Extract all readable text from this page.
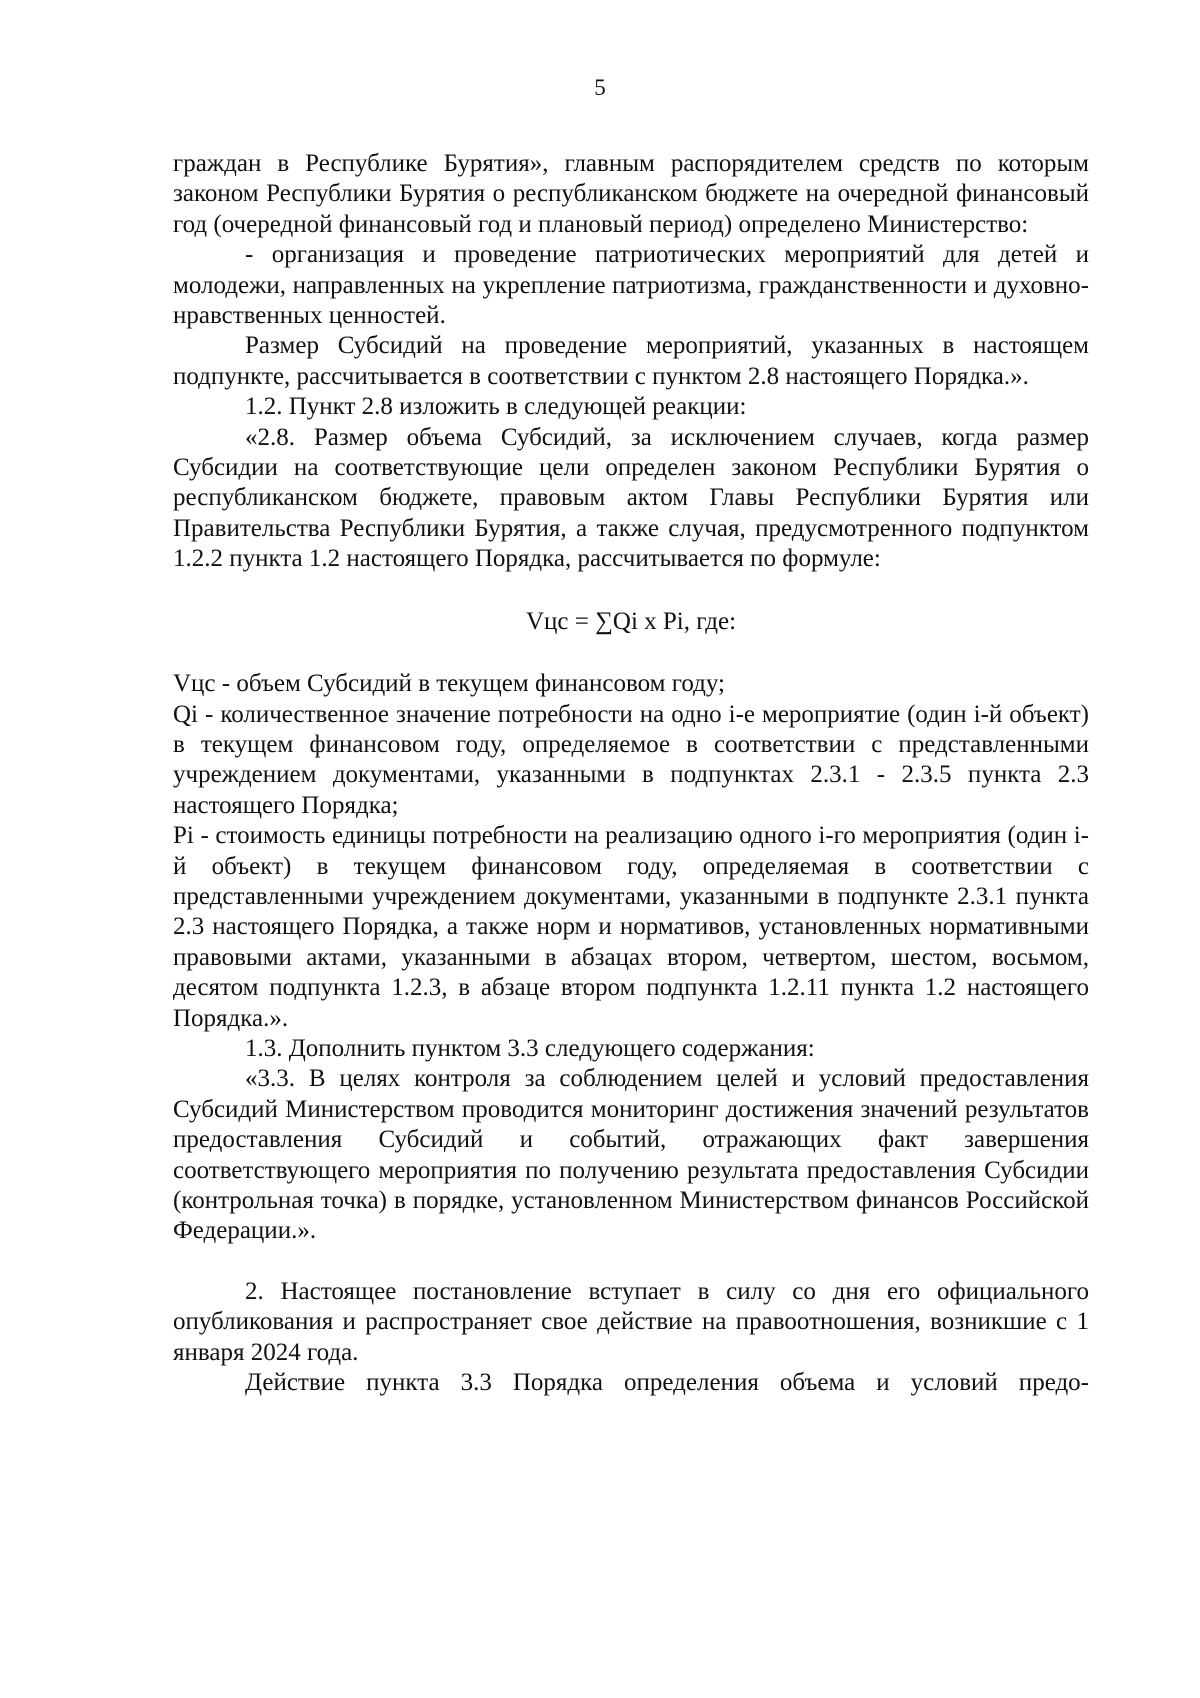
5

граждан в Республике Бурятия», главным распорядителем средств по которым законом Республики Бурятия о республиканском бюджете на очередной финансовый год (очередной финансовый год и плановый период) определено Министерство:

- организация и проведение патриотических мероприятий для детей и молодежи, направленных на укрепление патриотизма, гражданственности и духовно-нравственных ценностей.

Размер Субсидий на проведение мероприятий, указанных в настоящем подпункте, рассчитывается в соответствии с пунктом 2.8 настоящего Порядка.».

1.2. Пункт 2.8 изложить в следующей реакции:

«2.8. Размер объема Субсидий, за исключением случаев, когда размер Субсидии на соответствующие цели определен законом Республики Бурятия о республиканском бюджете, правовым актом Главы Республики Бурятия или Правительства Республики Бурятия, а также случая, предусмотренного подпунктом 1.2.2 пункта 1.2 настоящего Порядка, рассчитывается по формуле:

Vцс = ∑Qi x Pi, где:

Vцс - объем Субсидий в текущем финансовом году;

Qi - количественное значение потребности на одно i-е мероприятие (один i-й объект) в текущем финансовом году, определяемое в соответствии с представленными учреждением документами, указанными в подпунктах 2.3.1 - 2.3.5 пункта 2.3 настоящего Порядка;

Pi - стоимость единицы потребности на реализацию одного i-го мероприятия (один i-й объект) в текущем финансовом году, определяемая в соответствии с представленными учреждением документами, указанными в подпункте 2.3.1 пункта 2.3 настоящего Порядка, а также норм и нормативов, установленных нормативными правовыми актами, указанными в абзацах втором, четвертом, шестом, восьмом, десятом подпункта 1.2.3, в абзаце втором подпункта 1.2.11 пункта 1.2 настоящего Порядка.».

1.3. Дополнить пунктом 3.3 следующего содержания:

«3.3. В целях контроля за соблюдением целей и условий предоставления Субсидий Министерством проводится мониторинг достижения значений результатов предоставления Субсидий и событий, отражающих факт завершения соответствующего мероприятия по получению результата предоставления Субсидии (контрольная точка) в порядке, установленном Министерством финансов Российской Федерации.».

2. Настоящее постановление вступает в силу со дня его официального опубликования и распространяет свое действие на правоотношения, возникшие с 1 января 2024 года.

Действие пункта 3.3 Порядка определения объема и условий предо-
